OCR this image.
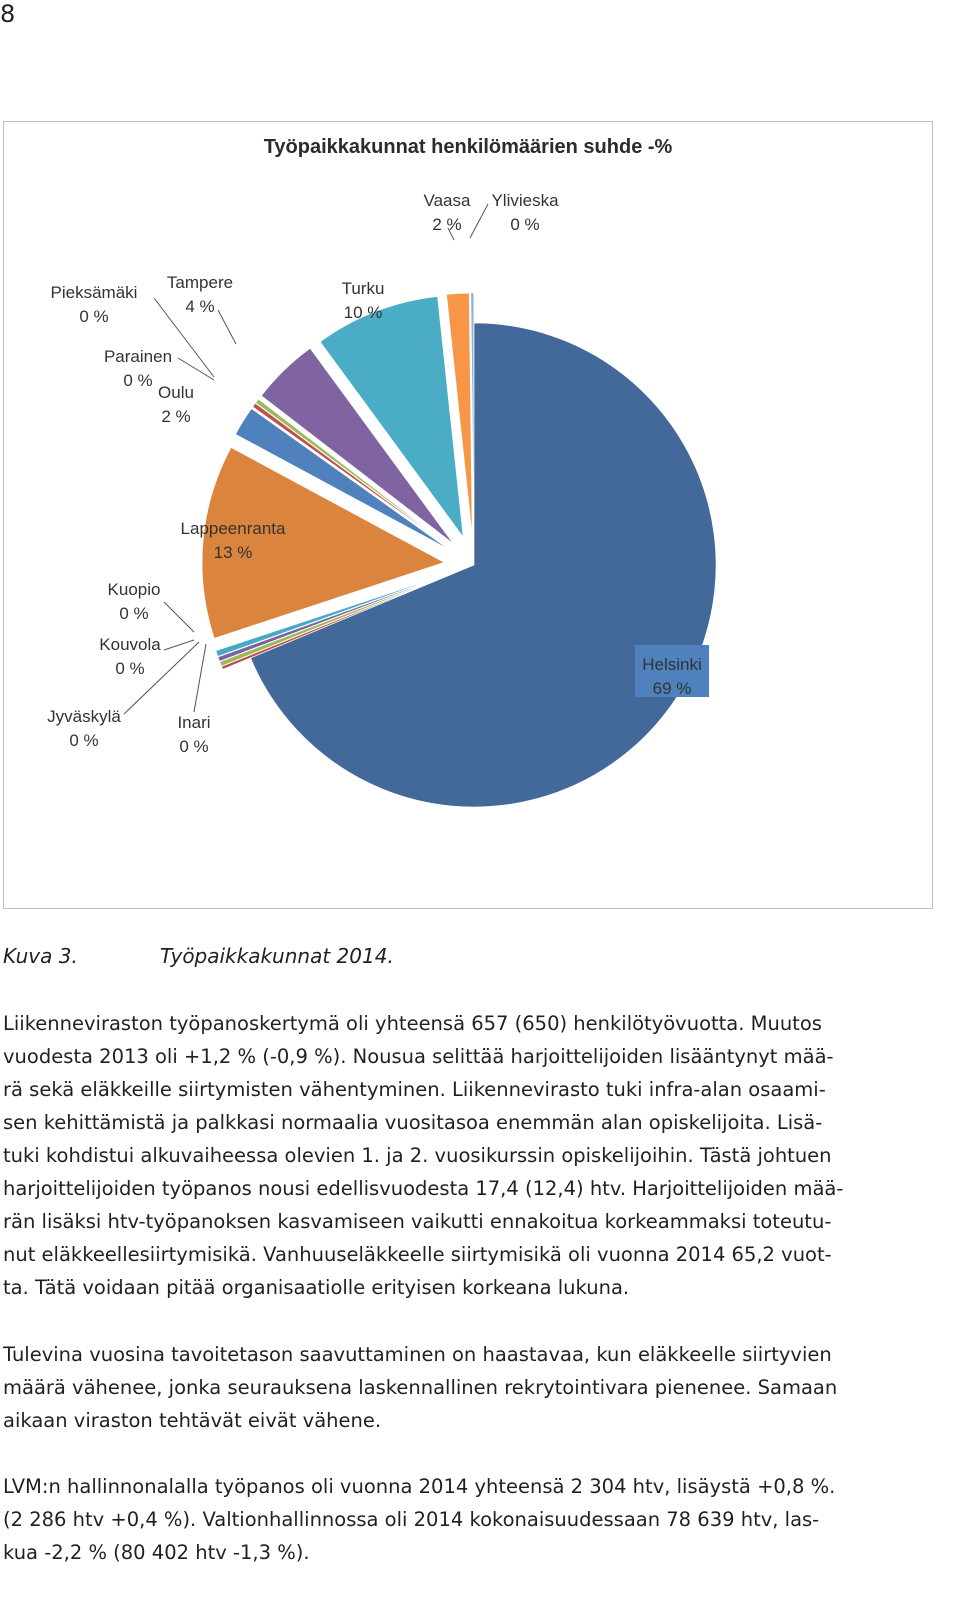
8
Työpaikkakunnat henkilömäärien suhde -%
Helsinki
69 %
Inari
0 %
Jyväskylä
0 %
Kouvola
0 %
Kuopio
0 %
Lappeenranta
13 %
Oulu
2 %
Parainen
0 %
Pieksämäki
0 %
Tampere
4 %
Turku
10 %
Vaasa
2 %
Ylivieska
0 %
Kuva 3.	Työpaikkakunnat 2014.

Liikenneviraston työpanoskertymä oli yhteensä 657 (650) henkilötyövuotta. Muutos
vuodesta 2013 oli +1,2 % (-0,9 %). Nousua selittää harjoittelijoiden lisääntynyt mää-
rä sekä eläkkeille siirtymisten vähentyminen. Liikennevirasto tuki infra-alan osaami-
sen kehittämistä ja palkkasi normaalia vuositasoa enemmän alan opiskelijoita. Lisä-
tuki kohdistui alkuvaiheessa olevien 1. ja 2. vuosikurssin opiskelijoihin. Tästä johtuen
harjoittelijoiden työpanos nousi edellisvuodesta 17,4 (12,4) htv. Harjoittelijoiden mää-
rän lisäksi htv-työpanoksen kasvamiseen vaikutti ennakoitua korkeammaksi toteutu-
nut eläkkeellesiirtymisikä. Vanhuuseläkkeelle siirtymisikä oli vuonna 2014 65,2 vuot-
ta. Tätä voidaan pitää organisaatiolle erityisen korkeana lukuna.

Tulevina vuosina tavoitetason saavuttaminen on haastavaa, kun eläkkeelle siirtyvien
määrä vähenee, jonka seurauksena laskennallinen rekrytointivara pienenee. Samaan
aikaan viraston tehtävät eivät vähene.

LVM:n hallinnonalalla työpanos oli vuonna 2014 yhteensä 2 304 htv, lisäystä +0,8 %.
(2 286 htv +0,4 %). Valtionhallinnossa oli 2014 kokonaisuudessaan 78 639 htv, las-
kua -2,2 % (80 402 htv -1,3 %).
